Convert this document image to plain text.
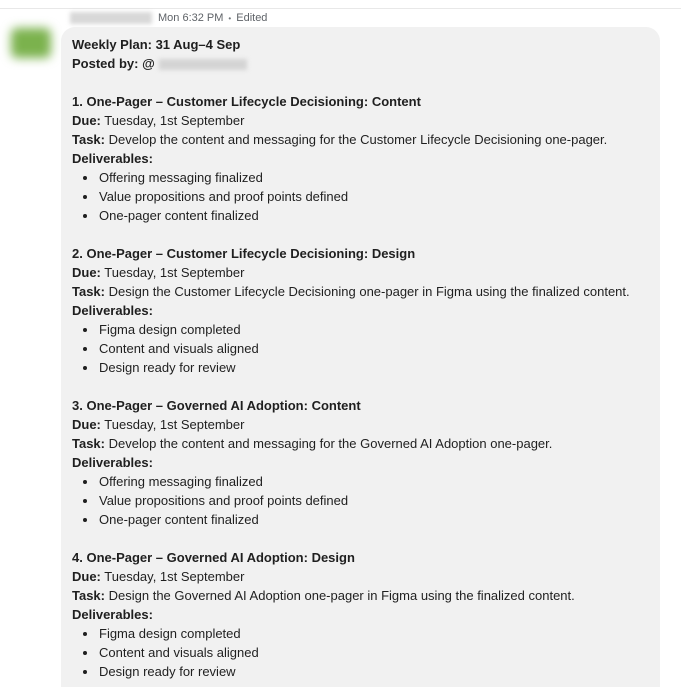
Mon 6:32 PM • Edited
Weekly Plan: 31 Aug–4 Sep
Posted by: @
1. One-Pager – Customer Lifecycle Decisioning: Content
Due: Tuesday, 1st September
Task: Develop the content and messaging for the Customer Lifecycle Decisioning one-pager.
Deliverables:
Offering messaging finalized
Value propositions and proof points defined
One-pager content finalized
2. One-Pager – Customer Lifecycle Decisioning: Design
Due: Tuesday, 1st September
Task: Design the Customer Lifecycle Decisioning one-pager in Figma using the finalized content.
Deliverables:
Figma design completed
Content and visuals aligned
Design ready for review
3. One-Pager – Governed AI Adoption: Content
Due: Tuesday, 1st September
Task: Develop the content and messaging for the Governed AI Adoption one-pager.
Deliverables:
Offering messaging finalized
Value propositions and proof points defined
One-pager content finalized
4. One-Pager – Governed AI Adoption: Design
Due: Tuesday, 1st September
Task: Design the Governed AI Adoption one-pager in Figma using the finalized content.
Deliverables:
Figma design completed
Content and visuals aligned
Design ready for review
